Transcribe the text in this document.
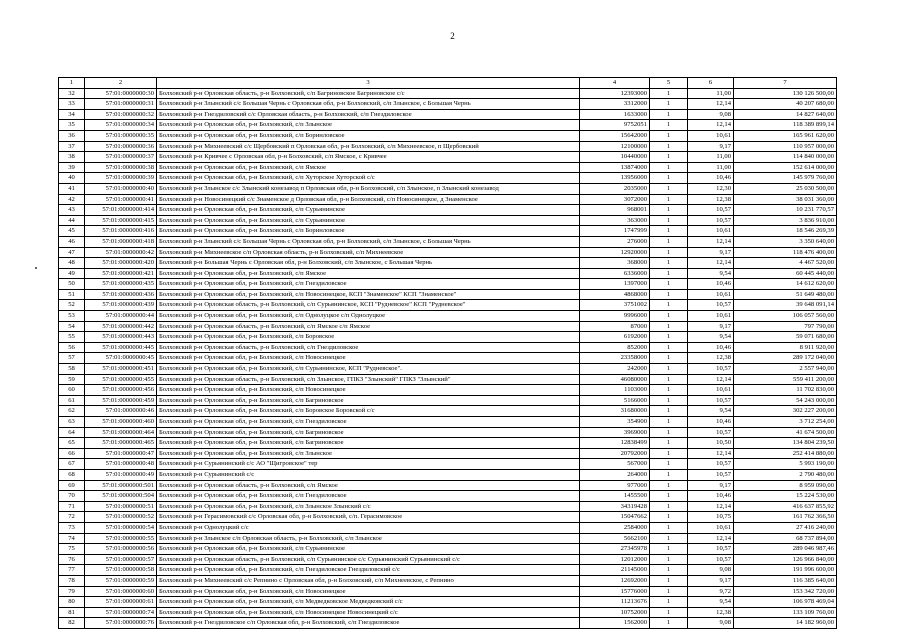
2
1	2	3	4	5	6	7
32	57:01:0000000:30	Болховский р-н Орловская область, р-н Болховский, с/п Багриновское Багриновское с/с	12393000	1	11,00	130 126 500,00
33	57:01:0000000:31	Болховский р-н Злынский с/с Большая Чернь с Орловская обл, р-н Болховский, с/п Злынское, с Большая Чернь	3312000	1	12,14	40 207 680,00
34	57:01:0000000:32	Болховский р-н Гнездиловский с/с Орловская область, р-н Болховский, с/п Гнездиловское	1633000	1	9,08	14 827 640,00
35	57:01:0000000:34	Болховский р-н Орловская обл, р-н Болховский, с/п Злынское	9752051	1	12,14	118 389 899,14
36	57:01:0000000:35	Болховский р-н Орловская обл, р-н Болховский, с/п Боринловское	15642000	1	10,61	165 961 620,00
37	57:01:0000000:36	Болховский р-н Михнеевский с/с Щербовский п Орловская обл, р-н Болховский, с/п Михнеевское, п Щербовский	12100000	1	9,17	110 957 000,00
38	57:01:0000000:37	Болховский р-н Кривчее с Орловская обл, р-н Болховский, с/п Ямское, с Кривчее	10440000	1	11,00	114 840 000,00
39	57:01:0000000:38	Болховский р-н Орловская обл, р-н Болховский, с/п Ямское	13874000	1	11,00	152 614 000,00
40	57:01:0000000:39	Болховский р-н Орловская обл, р-н Болховский, с/п Хуторское Хуторской с/с	13956000	1	10,46	145 979 760,00
41	57:01:0000000:40	Болховский р-н Злынское с/с Злынский конезавод п Орловская обл, р-н Болховский, с/п Злынское, п Злынский конезавод	2035000	1	12,30	25 030 500,00
42	57:01:0000000:41	Болховский р-н Новосинецкий с/с Знаменское д Орловская обл, р-н Болховский, с/п Новосинецкое, д Знаменское	3072000	1	12,38	38 031 360,00
43	57:01:0000000:414	Болховский р-н Орловская обл, р-н Болховский, с/п Сурьянинское	968001	1	10,57	10 231 770,57
44	57:01:0000000:415	Болховский р-н Орловская обл, р-н Болховский, с/п Сурьянинское	363000	1	10,57	3 836 910,00
45	57:01:0000000:416	Болховский р-н Орловская обл, р-н Болховский, с/п Боринловское	1747999	1	10,61	18 546 269,39
46	57:01:0000000:418	Болховский р-н Злынский с/с Большая Чернь с Орловская обл, р-н Болховский, с/п Злынское, с Большая Чернь	276000	1	12,14	3 350 640,00
47	57:01:0000000:42	Болховский р-н Михнеевское с/п Орловская область, р-н Болховский, с/п Михнеевское	12920000	1	9,17	118 476 400,00
48	57:01:0000000:420	Болховский р-н Большая Чернь с Орловская обл, р-н Болховский, с/п Злынское, с Большая Чернь	368000	1	12,14	4 467 520,00
49	57:01:0000000:421	Болховский р-н Орловская обл, р-н Болховский, с/п Ямское	6336000	1	9,54	60 445 440,00
50	57:01:0000000:435	Болховский р-н Орловская обл, р-н Болховский, с/п Гнездиловское	1397000	1	10,46	14 612 620,00
51	57:01:0000000:436	Болховский р-н Орловская обл, р-н Болховский, с/п Новосинецкое, КСП "Знаменское" КСП "Знаменское"	4868000	1	10,61	51 649 480,00
52	57:01:0000000:439	Болховский р-н Орловская область, р-н Болховский, с/п Сурьянинское, КСП "Рудневское" КСП "Рудневское"	3751002	1	10,57	39 648 091,14
53	57:01:0000000:44	Болховский р-н Орловская обл, р-н Болховский, с/п Однолуцкое с/п Однолуцкое	9996000	1	10,61	106 057 560,00
54	57:01:0000000:442	Болховский р-н Орловская область, р-н Болховский, с/п Ямское с/п Ямское	87000	1	9,17	797 790,00
55	57:01:0000000:443	Болховский р-н Орловская обл, р-н Болховский, с/п Боровское	6192000	1	9,54	59 071 680,00
56	57:01:0000000:445	Болховский р-н Орловская область, р-н Болховский, с/п Гнездиловское	852000	1	10,46	8 911 920,00
57	57:01:0000000:45	Болховский р-н Орловская обл, р-н Болховский, с/п Новосинецкое	23358000	1	12,38	289 172 040,00
58	57:01:0000000:451	Болховский р-н Орловская обл, р-н Болховский, с/п Сурьянинское, КСП "Рудневское".	242000	1	10,57	2 557 940,00
59	57:01:0000000:455	Болховский р-н Орловская область, р-н Болховский, с/п Злынское, ГПКЗ "Злынский" ГПКЗ "Злынский"	46080000	1	12,14	559 411 200,00
60	57:01:0000000:456	Болховский р-н Орловская обл, р-н Болховский, с/п Новосинецкое	1103000	1	10,61	11 702 830,00
61	57:01:0000000:459	Болховский р-н Орловская обл, р-н Болховский, с/п Багриновское	5166000	1	10,57	54 243 000,00
62	57:01:0000000:46	Болховский р-н Орловская обл, р-н Болховский, с/п Боровское Боровской с/с	31680000	1	9,54	302 227 200,00
63	57:01:0000000:460	Болховский р-н Орловская обл, р-н Болховский, с/п Гнездиловское	354900	1	10,46	3 712 254,00
64	57:01:0000000:464	Болховский р-н Орловская обл, р-н Болховский, с/п Багриновское	3969000	1	10,57	41 674 500,00
65	57:01:0000000:465	Болховский р-н Орловская обл, р-н Болховский, с/п Багриновское	12838499	1	10,50	134 804 239,50
66	57:01:0000000:47	Болховский р-н Орловская обл, р-н Болховский, с/п Злынское	20792000	1	12,14	252 414 880,00
67	57:01:0000000:48	Болховский р-н Сурьянинский с/с АО "Щигровское" тер	567000	1	10,57	5 993 190,00
68	57:01:0000000:49	Болховский р-н Сурьянинский с/с	264000	1	10,57	2 790 480,00
69	57:01:0000000:501	Болховский р-н Орловская область, р-н Болховский, с/п Ямское	977000	1	9,17	8 959 090,00
70	57:01:0000000:504	Болховский р-н Орловская обл, р-н Болховский, с/п Гнездиловское	1455500	1	10,46	15 224 530,00
71	57:01:0000000:51	Болховский р-н Орловская обл, р-н Болховский, с/п Злынское Злынский с/с	34319428	1	12,14	416 637 855,92
72	57:01:0000000:52	Болховский р-н Герасимовский с/с Орловская обл, р-н Болховский, с/п. Герасимовское	15047662	1	10,75	161 762 366,50
73	57:01:0000000:54	Болховский р-н Однолуцкий с/с	2584000	1	10,61	27 416 240,00
74	57:01:0000000:55	Болховский р-н Злынское с/п Орловская область, р-н Болховский, с/п Злынское	5662100	1	12,14	68 737 894,00
75	57:01:0000000:56	Болховский р-н Орловская обл, р-н Болховский, с/п Сурьянинское	27345978	1	10,57	289 046 987,46
76	57:01:0000000:57	Болховский р-н Орловская область, р-н Болховский, с/п Сурьянинское с/с Сурьянинский Сурьянинский с/с	12012000	1	10,57	126 966 840,00
77	57:01:0000000:58	Болховский р-н Орловская обл, р-н Болховский, с/п Гнездиловское Гнездиловский с/с	21145000	1	9,08	191 996 600,00
78	57:01:0000000:59	Болховский р-н Михнеевский с/с Репнино с Орловская обл, р-н Болховский, с/п Михнеевское, с Репнино	12692000	1	9,17	116 385 640,00
79	57:01:0000000:60	Болховский р-н Орловская обл, р-н Болховский, с/п Новосинецкое	15776000	1	9,72	153 342 720,00
80	57:01:0000000:61	Болховский р-н Орловская обл, р-н Болховский, с/п Медведковское Медведковский с/с	11213676	1	9,54	106 978 469,04
81	57:01:0000000:74	Болховский р-н Орловская обл, р-н Болховский, с/п Новосинецкое Новосинецкий с/с	10752000	1	12,38	133 109 760,00
82	57:01:0000000:76	Болховский р-н Гнездиловское с/п Орловская обл, р-н Болховский, с/п Гнездиловское	1562000	1	9,08	14 182 960,00
